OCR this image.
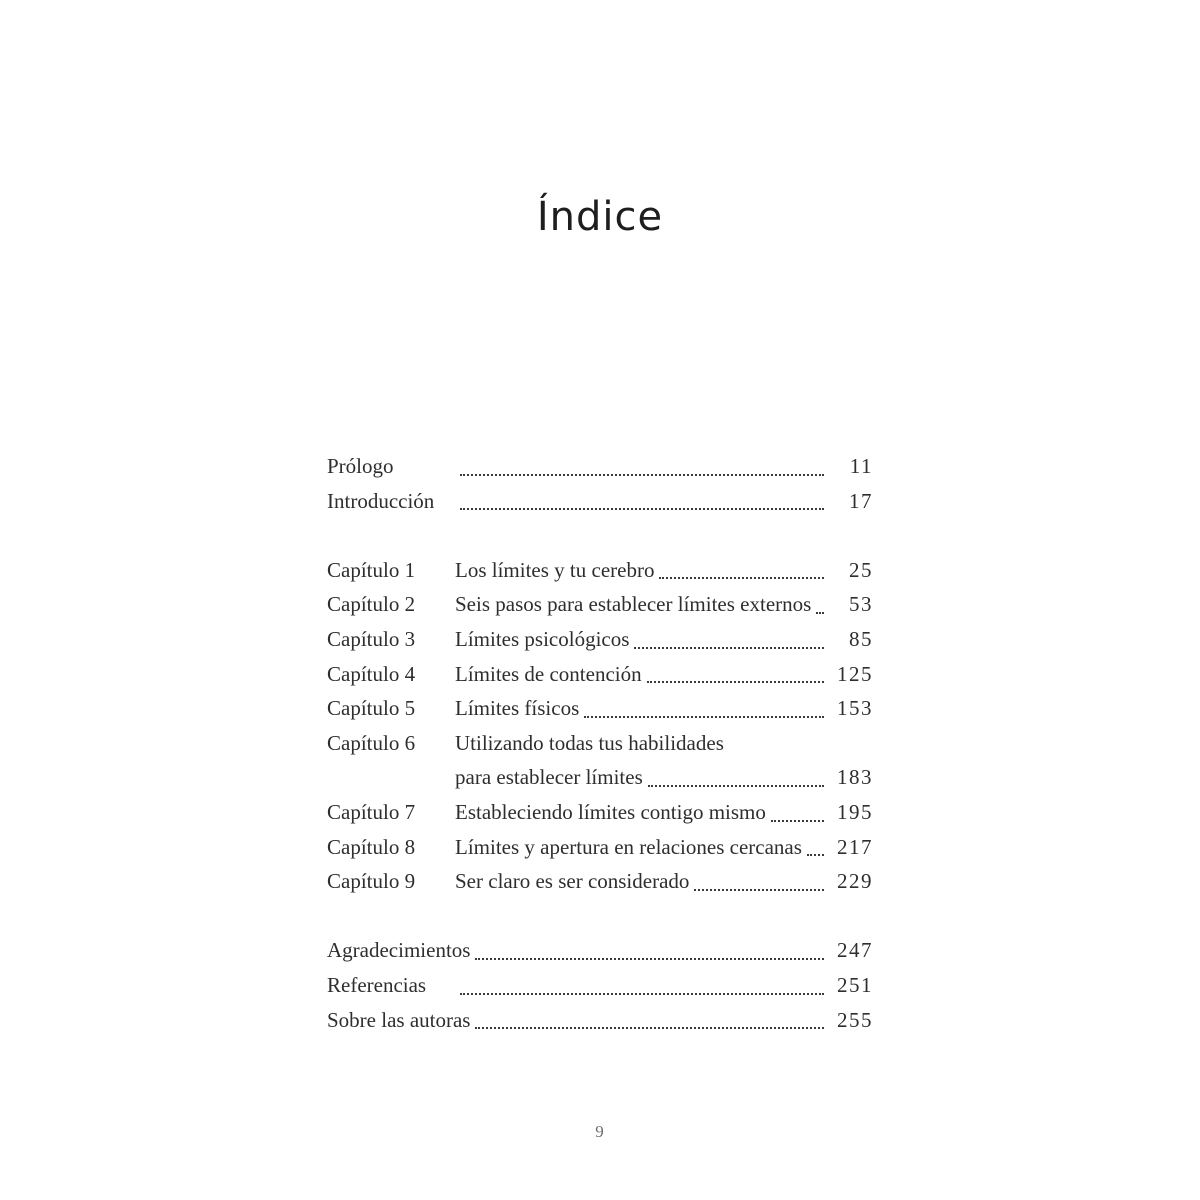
Índice
Prólogo	11
Introducción	17
Capítulo 1	Los límites y tu cerebro	25
Capítulo 2	Seis pasos para establecer límites externos	53
Capítulo 3	Límites psicológicos	85
Capítulo 4	Límites de contención	125
Capítulo 5	Límites físicos	153
Capítulo 6	Utilizando todas tus habilidades
para establecer límites	183
Capítulo 7	Estableciendo límites contigo mismo	195
Capítulo 8	Límites y apertura en relaciones cercanas	217
Capítulo 9	Ser claro es ser considerado	229
Agradecimientos	247
Referencias	251
Sobre las autoras	255
9
